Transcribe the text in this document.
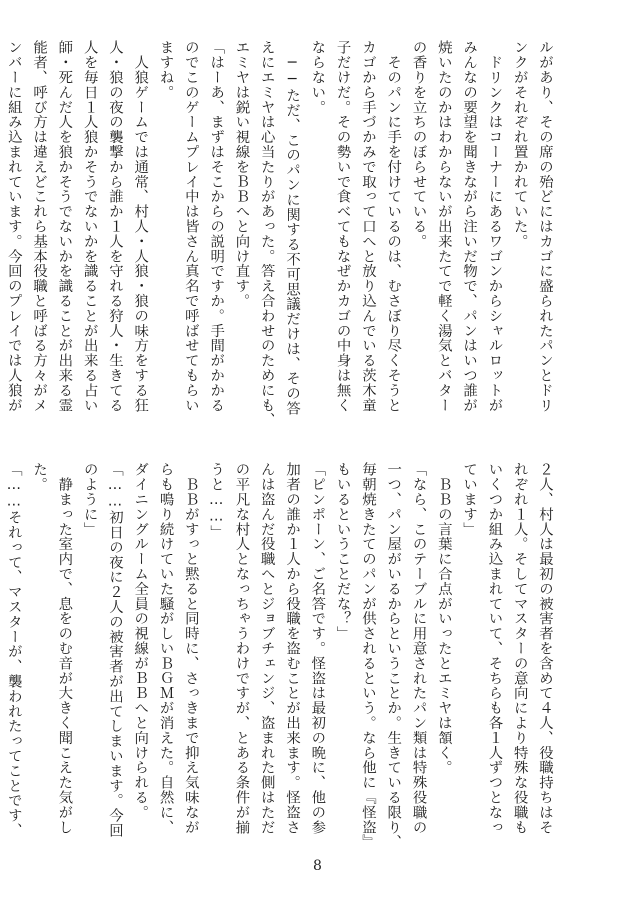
ルがあり、その席の殆どにはカゴに盛られたパンとドリ
ンクがそれぞれ置かれていた。
　ドリンクはコーナーにあるワゴンからシャルロットが
みんなの要望を聞きながら注いだ物で、パンはいつ誰が
焼いたのかはわからないが出来たてで軽く湯気とバター
の香りを立ちのぼらせている。
　そのパンに手を付けているのは、むさぼり尽くそうと
カゴから手づかみで取って口へと放り込んでいる茨木童
子だけだ。その勢いで食べてもなぜかカゴの中身は無く
ならない。
　──ただ、このパンに関する不可思議だけは、その答
えにエミヤは心当たりがあった。答え合わせのためにも、
エミヤは鋭い視線をＢＢへと向け直す。
「はーあ、まずはそこからの説明ですか。手間がかかる
のでこのゲームプレイ中は皆さん真名で呼ばせてもらい
ますね。
　人狼ゲームでは通常、村人・人狼・狼の味方をする狂
人・狼の夜の襲撃から誰か１人を守れる狩人・生きてる
人を毎日１人狼かそうでないかを識ることが出来る占い
師・死んだ人を狼かそうでないかを識ることが出来る霊
能者、呼び方は違えどこれら基本役職と呼ばる方々がメ
ンバーに組み込まれています。今回のプレイでは人狼が
２人、村人は最初の被害者を含めて４人、役職持ちはそ
れぞれ１人。そしてマスターの意向により特殊な役職も
いくつか組み込まれていて、そちらも各１人ずつとなっ
ています」
　ＢＢの言葉に合点がいったとエミヤは頷く。
「なら、このテーブルに用意されたパン類は特殊役職の
一つ、パン屋がいるからということか。生きている限り、
毎朝焼きたてのパンが供されるという。なら他に『怪盗』
もいるということだな？」
「ピンポーン、ご名答です。怪盗は最初の晩に、他の参
加者の誰か１人から役職を盗むことが出来ます。怪盗さ
んは盗んだ役職へとジョブチェンジ、盗まれた側はただ
の平凡な村人となっちゃうわけですが、とある条件が揃
うと……」
　ＢＢがすっと黙ると同時に、さっきまで抑え気味なが
らも鳴り続けていた騒がしいＢＧＭが消えた。自然に、
ダイニングルーム全員の視線がＢＢへと向けられる。
「……初日の夜に２人の被害者が出てしまいます。今回
のように」
　静まった室内で、息をのむ音が大きく聞こえた気がし
た。
「……それって、マスターが、襲われたってことです、
8
